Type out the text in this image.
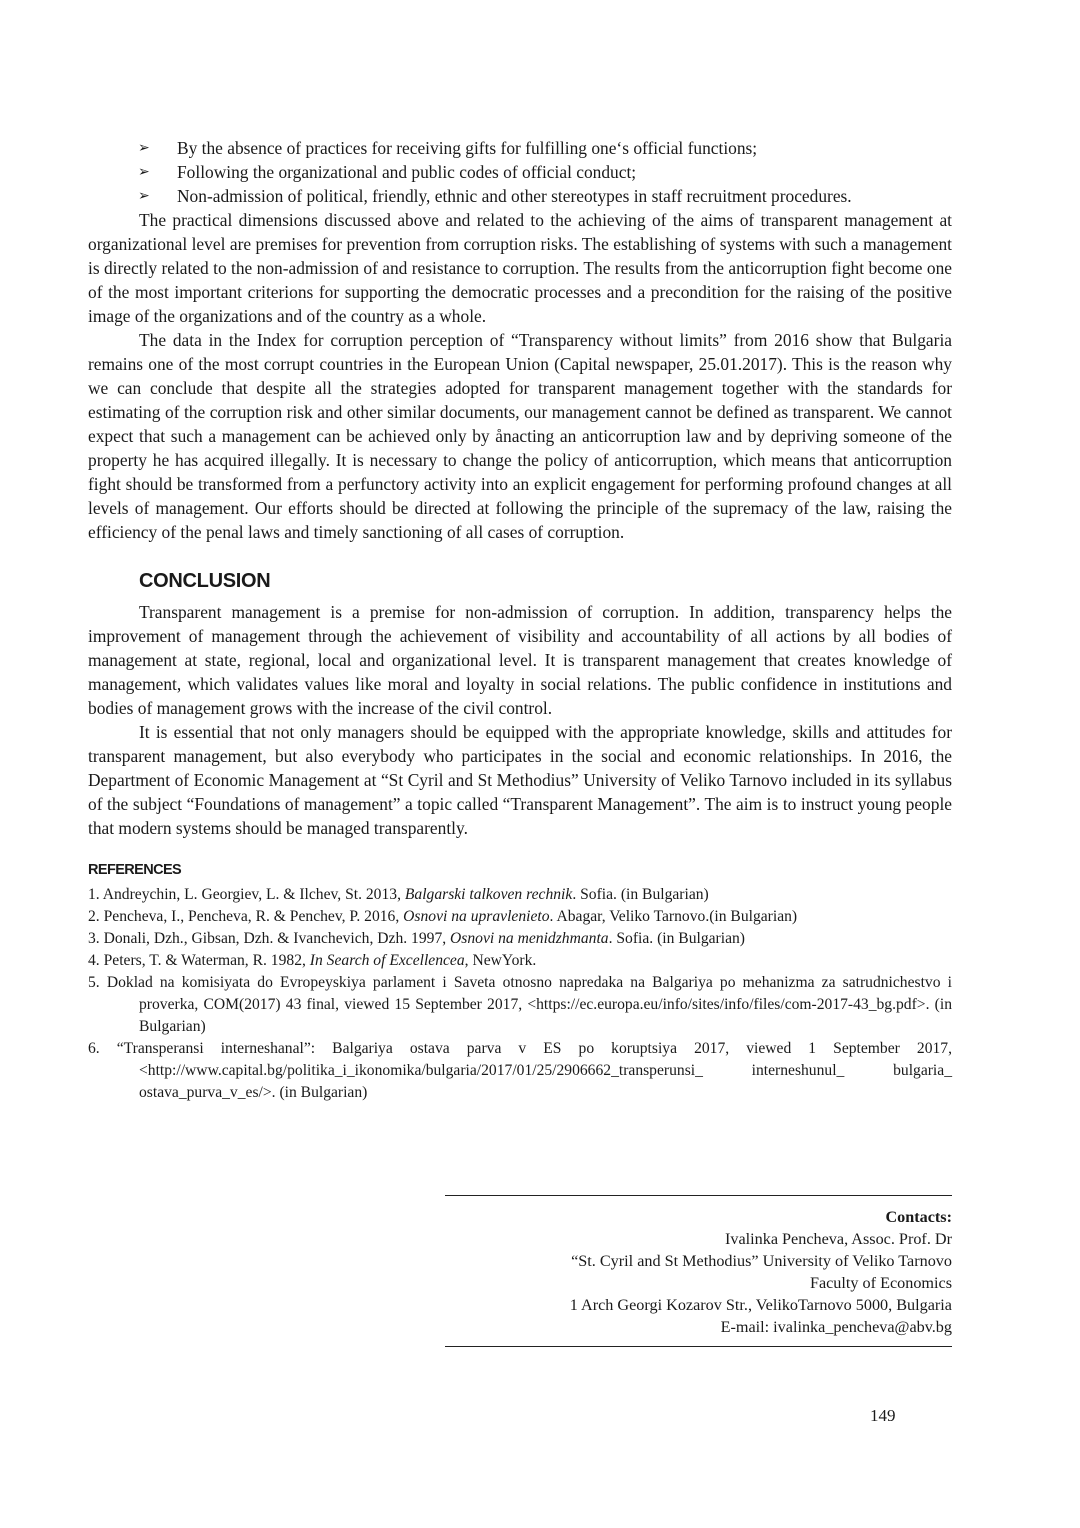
➢ By the absence of practices for receiving gifts for fulfilling one‘s official functions;
➢ Following the organizational and public codes of official conduct;
➢ Non-admission of political, friendly, ethnic and other stereotypes in staff recruitment procedures.

The practical dimensions discussed above and related to the achieving of the aims of transparent management at organizational level are premises for prevention from corruption risks. The establishing of systems with such a management is directly related to the non-admission of and resistance to corruption. The results from the anticorruption fight become one of the most important criterions for supporting the democratic processes and a precondition for the raising of the positive image of the organizations and of the country as a whole.

The data in the Index for corruption perception of “Transparency without limits” from 2016 show that Bulgaria remains one of the most corrupt countries in the European Union (Capital newspaper, 25.01.2017). This is the reason why we can conclude that despite all the strategies adopted for transparent management together with the standards for estimating of the corruption risk and other similar documents, our management cannot be defined as transparent. We cannot expect that such a management can be achieved only by ånacting an anticorruption law and by depriving someone of the property he has acquired illegally. It is necessary to change the policy of anticorruption, which means that anticorruption fight should be transformed from a perfunctory activity into an explicit engagement for performing profound changes at all levels of management. Our efforts should be directed at following the principle of the supremacy of the law, raising the efficiency of the penal laws and timely sanctioning of all cases of corruption.

CONCLUSION

Transparent management is a premise for non-admission of corruption. In addition, transparency helps the improvement of management through the achievement of visibility and accountability of all actions by all bodies of management at state, regional, local and organizational level. It is transparent management that creates knowledge of management, which validates values like moral and loyalty in social relations. The public confidence in institutions and bodies of management grows with the increase of the civil control.

It is essential that not only managers should be equipped with the appropriate knowledge, skills and attitudes for transparent management, but also everybody who participates in the social and economic relationships. In 2016, the Department of Economic Management at “St Cyril and St Methodius” University of Veliko Tarnovo included in its syllabus of the subject “Foundations of management” a topic called “Transparent Management”. The aim is to instruct young people that modern systems should be managed transparently.

REFERENCES
1. Andreychin, L. Georgiev, L. & Ilchev, St. 2013, Balgarski talkoven rechnik. Sofia. (in Bulgarian)
2. Pencheva, I., Pencheva, R. & Penchev, P. 2016, Osnovi na upravlenieto. Abagar, Veliko Tarnovo.(in Bulgarian)
3. Donali, Dzh., Gibsan, Dzh. & Ivanchevich, Dzh. 1997, Osnovi na menidzhmanta. Sofia. (in Bulgarian)
4. Peters, T. & Waterman, R. 1982, In Search of Excellencea, NewYork.
5. Doklad na komisiyata do Evropeyskiya parlament i Saveta otnosno napredaka na Balgariya po mehanizma za satrudnichestvo i proverka, COM(2017) 43 final, viewed 15 September 2017, <https://ec.europa.eu/info/sites/info/files/com-2017-43_bg.pdf>. (in Bulgarian)
6. “Transperansi interneshanal”: Balgariya ostava parva v ES po koruptsiya 2017, viewed 1 September 2017, <http://www.capital.bg/politika_i_ikonomika/bulgaria/2017/01/25/2906662_transperunsi_ interneshunul_ bulgaria_ ostava_purva_v_es/>. (in Bulgarian)
Contacts:
Ivalinka Pencheva, Assoc. Prof. Dr
“St. Cyril and St Methodius” University of Veliko Tarnovo
Faculty of Economics
1 Arch Georgi Kozarov Str., VelikoTarnovo 5000, Bulgaria
E-mail: ivalinka_pencheva@abv.bg
149
